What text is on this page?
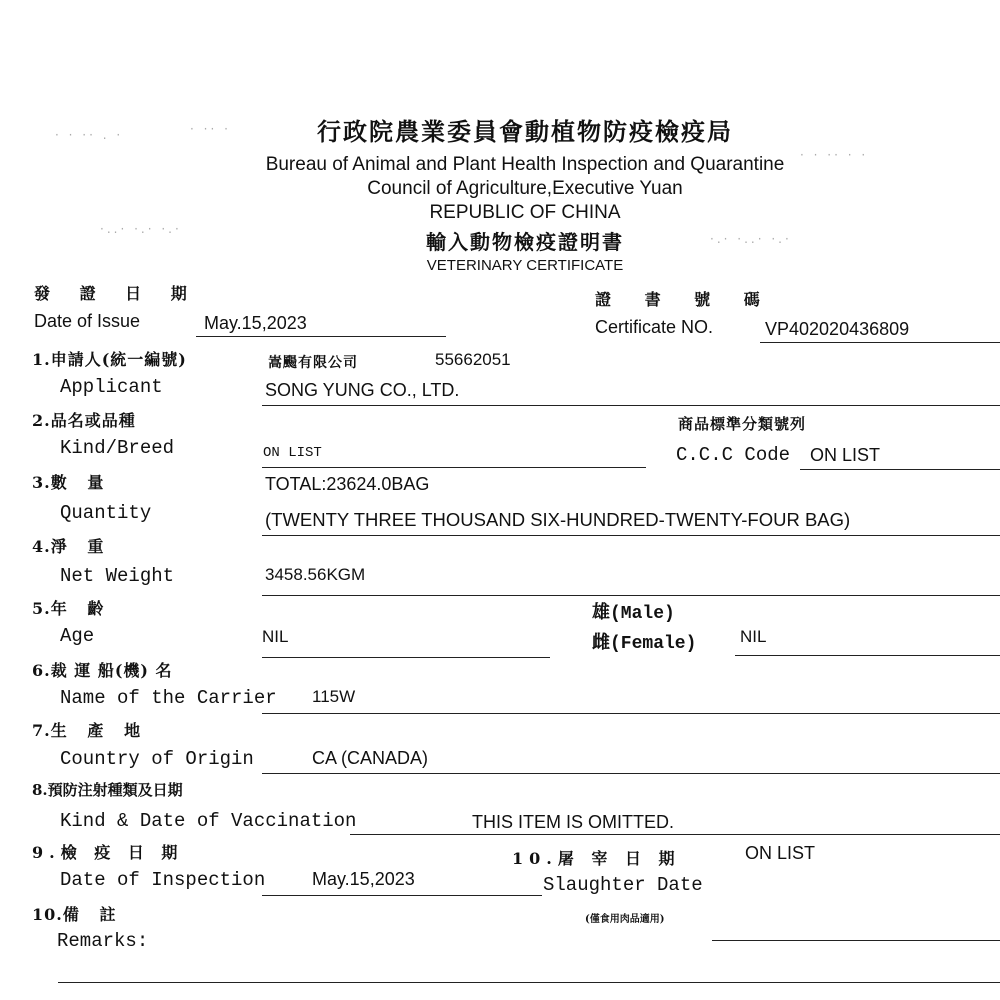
· · ·· . ·	· ·· ·
· · ·· · ·
·..· ·.· ·.·
·.· ·..· ·.·
行政院農業委員會動植物防疫檢疫局
Bureau of Animal and Plant Health Inspection and Quarantine
Council of Agriculture,Executive Yuan
REPUBLIC OF CHINA
輸入動物檢疫證明書
VETERINARY CERTIFICATE
發 證 日 期
Date of Issue	May.15,2023
證 書 號 碼
Certificate NO.	VP402020436809
1.申請人(統一編號)
Applicant
嵩颺有限公司	55662051
SONG YUNG CO., LTD.
2.品名或品種
Kind/Breed	ON LIST
商品標準分類號列
C.C.C Code ON LIST
3.數   量
Quantity
TOTAL:23624.0BAG
(TWENTY THREE THOUSAND SIX-HUNDRED-TWENTY-FOUR BAG)
4.淨   重
Net Weight	3458.56KGM
5.年   齡
Age	NIL
雄(Male)
雌(Female)	NIL
6.裁 運 船(機) 名
Name of the Carrier 115W
7.生   產   地
Country of Origin	CA (CANADA)
8.預防注射種類及日期
Kind & Date of Vaccination	THIS ITEM IS OMITTED.
9.檢 疫 日 期
Date of Inspection	May.15,2023
10.屠 宰 日 期
Slaughter Date
ON LIST
(僅食用肉品適用)
10.備   註
Remarks:
